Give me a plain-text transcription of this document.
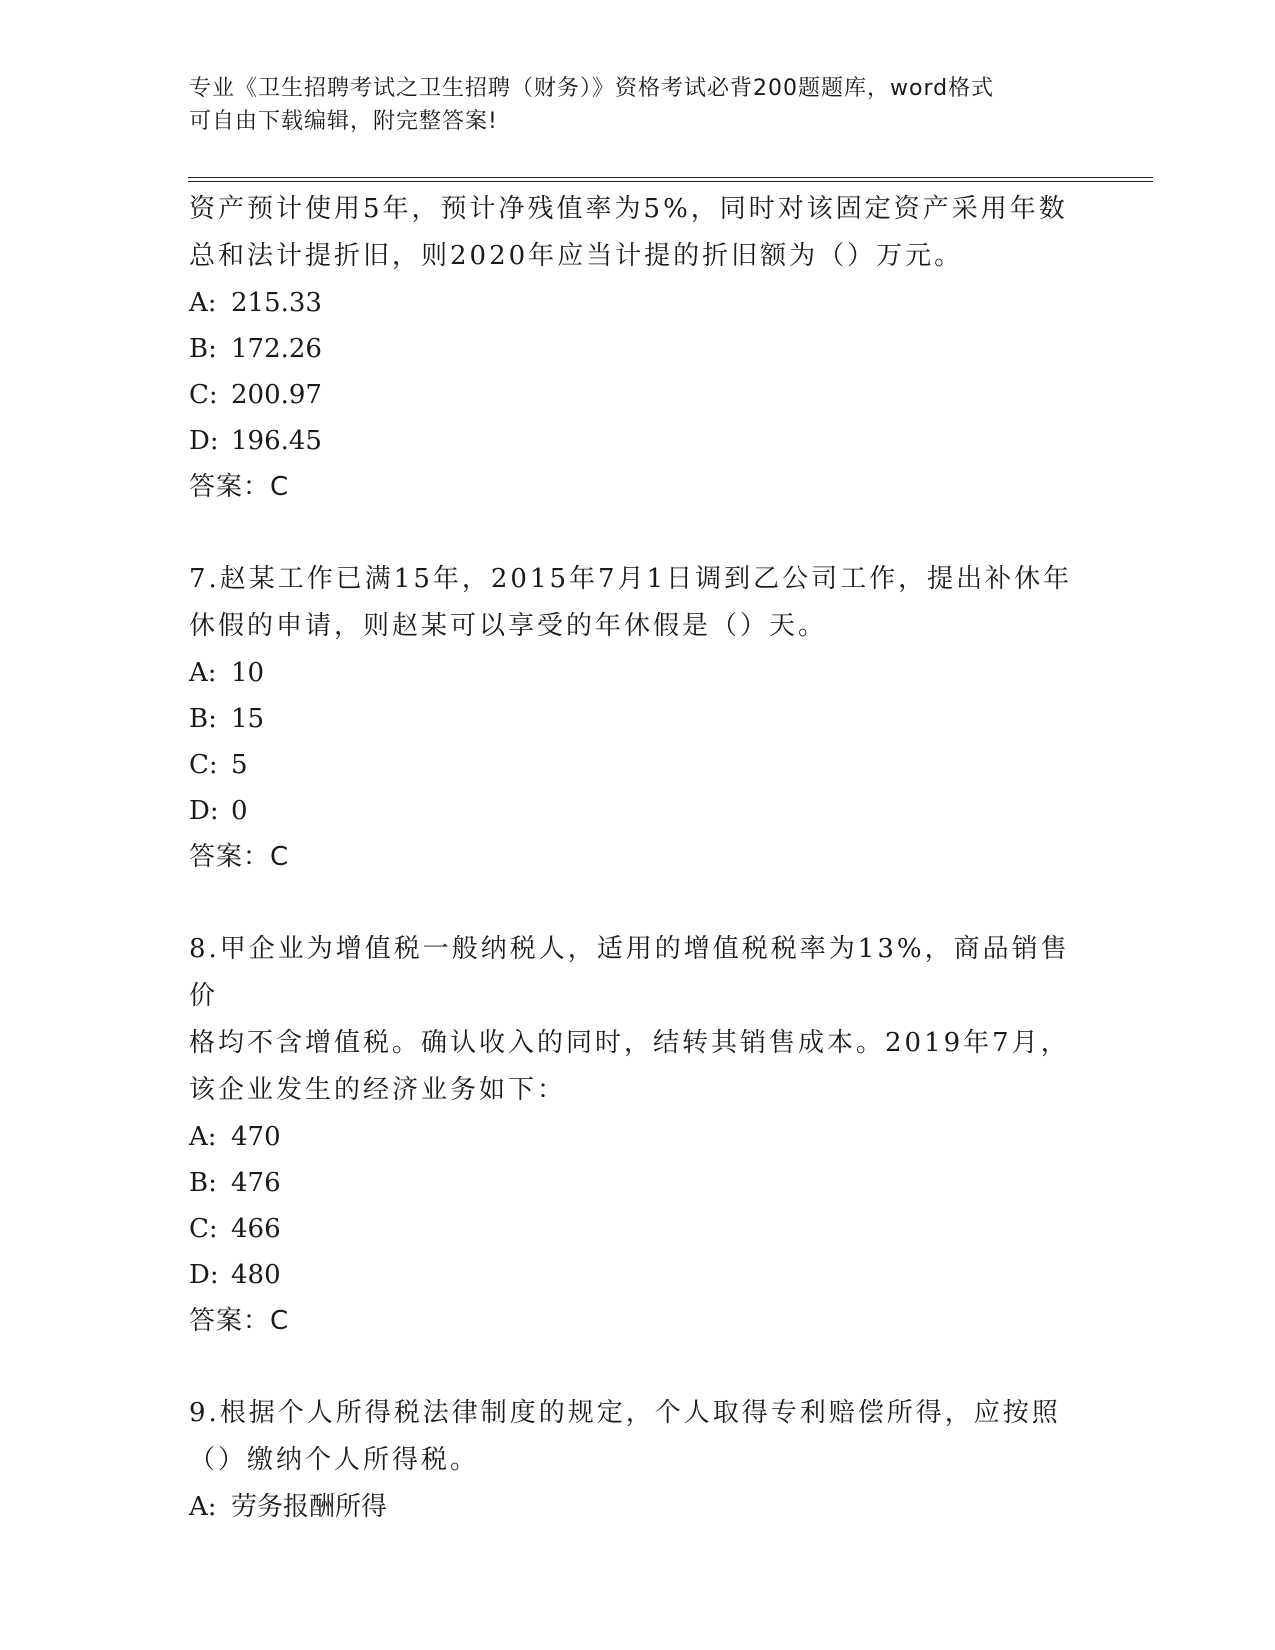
专业《卫生招聘考试之卫生招聘（财务）》资格考试必背200题题库，word格式
可自由下载编辑，附完整答案!

资产预计使用5年，预计净残值率为5%，同时对该固定资产采用年数

总和法计提折旧，则2020年应当计提的折旧额为（）万元。

A: 215.33

B: 172.26

C: 200.97

D: 196.45

答案：C

7.赵某工作已满15年，2015年7月1日调到乙公司工作，提出补休年

休假的申请，则赵某可以享受的年休假是（）天。

A: 10

B: 15

C: 5

D: 0

答案：C

8.甲企业为增值税一般纳税人，适用的增值税税率为13%，商品销售价

格均不含增值税。确认收入的同时，结转其销售成本。2019年7月，

该企业发生的经济业务如下：

A: 470

B: 476

C: 466

D: 480

答案：C

9.根据个人所得税法律制度的规定，个人取得专利赔偿所得，应按照

（）缴纳个人所得税。

A: 劳务报酬所得
